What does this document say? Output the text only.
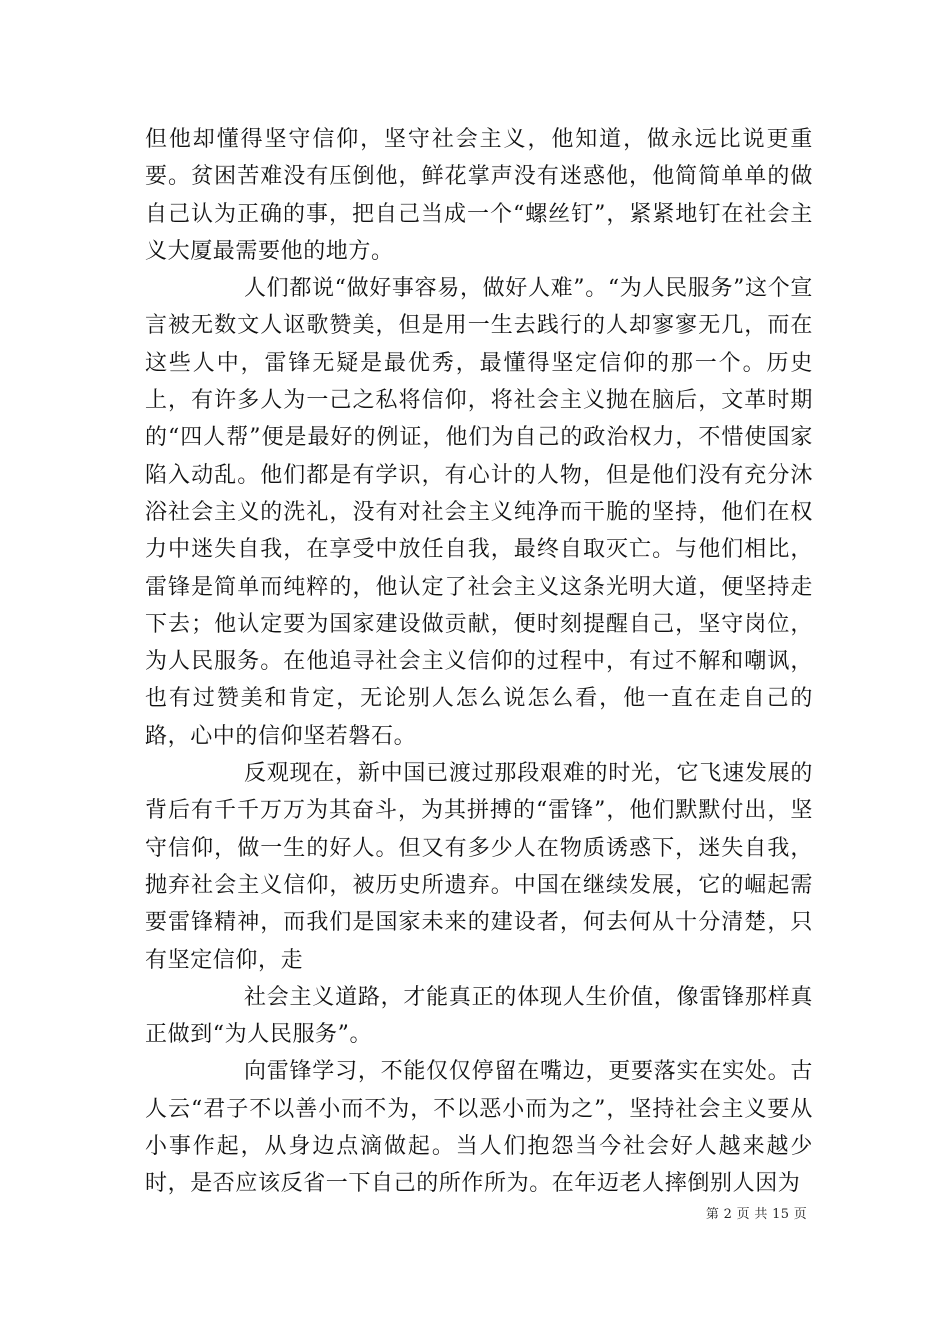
但他却懂得坚守信仰，坚守社会主义，他知道，做永远比说更重要。贫困苦难没有压倒他，鲜花掌声没有迷惑他，他简简单单的做自己认为正确的事，把自己当成一个“螺丝钉”，紧紧地钉在社会主义大厦最需要他的地方。

人们都说“做好事容易，做好人难”。“为人民服务”这个宣言被无数文人讴歌赞美，但是用一生去践行的人却寥寥无几，而在这些人中，雷锋无疑是最优秀，最懂得坚定信仰的那一个。历史上，有许多人为一己之私将信仰，将社会主义抛在脑后，文革时期的“四人帮”便是最好的例证，他们为自己的政治权力，不惜使国家陷入动乱。他们都是有学识，有心计的人物，但是他们没有充分沐浴社会主义的洗礼，没有对社会主义纯净而干脆的坚持，他们在权力中迷失自我，在享受中放任自我，最终自取灭亡。与他们相比，雷锋是简单而纯粹的，他认定了社会主义这条光明大道，便坚持走下去；他认定要为国家建设做贡献，便时刻提醒自己，坚守岗位，为人民服务。在他追寻社会主义信仰的过程中，有过不解和嘲讽，也有过赞美和肯定，无论别人怎么说怎么看，他一直在走自己的路，心中的信仰坚若磐石。

反观现在，新中国已渡过那段艰难的时光，它飞速发展的背后有千千万万为其奋斗，为其拼搏的“雷锋”，他们默默付出，坚守信仰，做一生的好人。但又有多少人在物质诱惑下，迷失自我，抛弃社会主义信仰，被历史所遗弃。中国在继续发展，它的崛起需要雷锋精神，而我们是国家未来的建设者，何去何从十分清楚，只有坚定信仰，走

社会主义道路，才能真正的体现人生价值，像雷锋那样真正做到“为人民服务”。

向雷锋学习，不能仅仅停留在嘴边，更要落实在实处。古人云“君子不以善小而不为，不以恶小而为之”，坚持社会主义要从小事作起，从身边点滴做起。当人们抱怨当今社会好人越来越少时，是否应该反省一下自己的所作所为。在年迈老人摔倒别人因为

第 2 页 共 15 页
